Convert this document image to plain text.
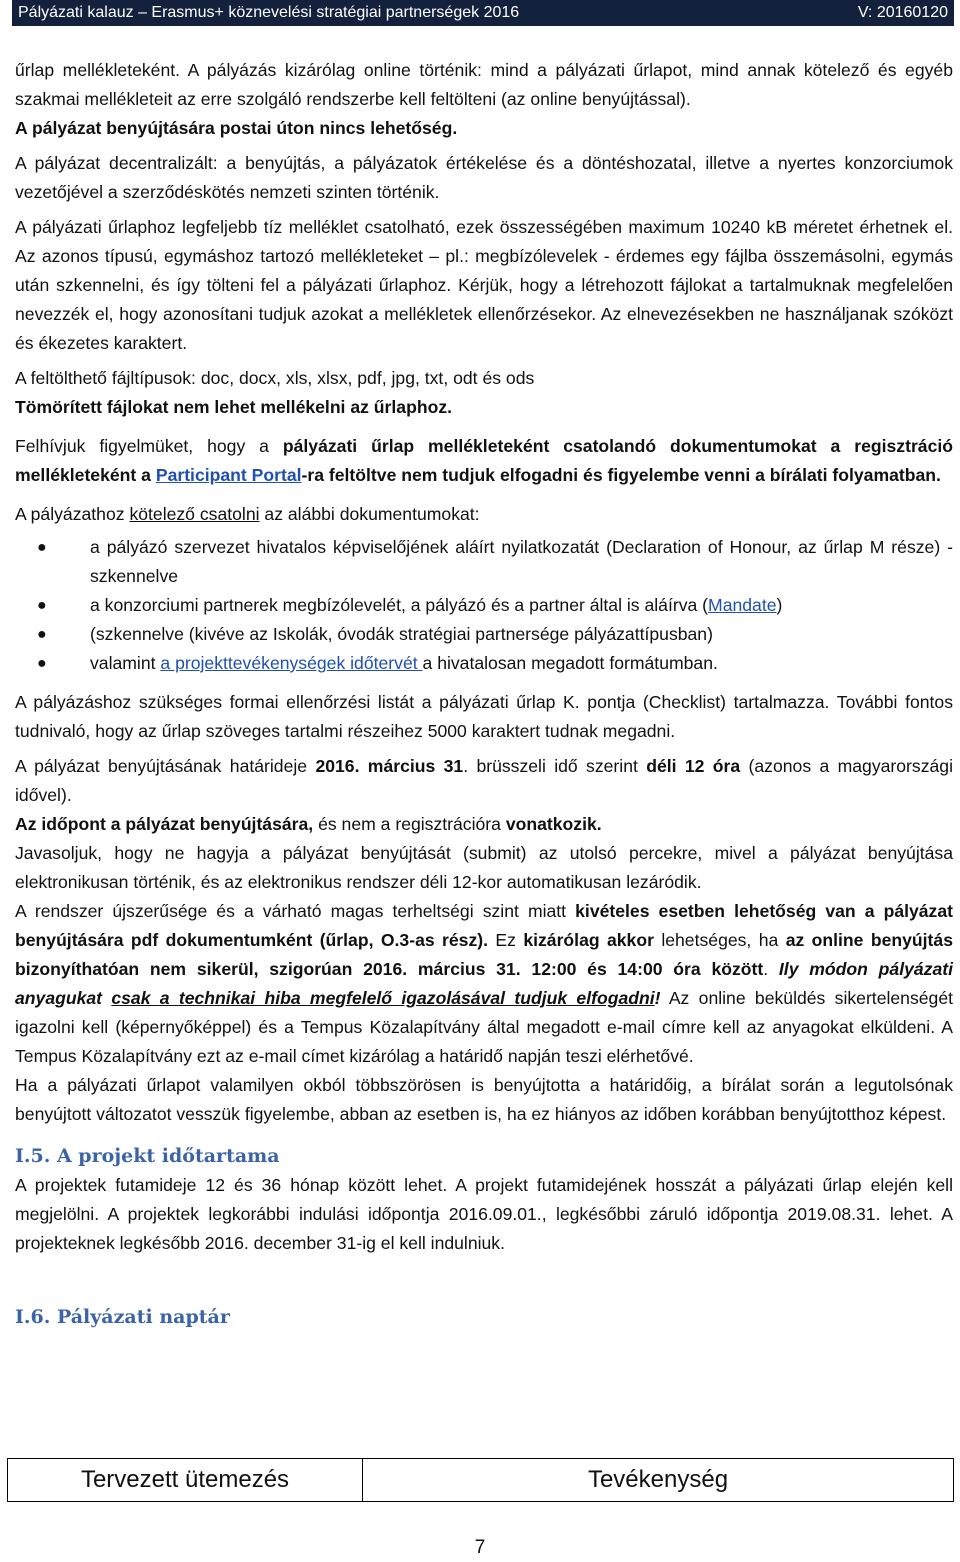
Pályázati kalauz – Erasmus+ köznevelési stratégiai partnerségek 2016	V: 20160120

űrlap mellékleteként. A pályázás kizárólag online történik: mind a pályázati űrlapot, mind annak kötelező és egyéb szakmai mellékleteit az erre szolgáló rendszerbe kell feltölteni (az online benyújtással).

A pályázat benyújtására postai úton nincs lehetőség.

A pályázat decentralizált: a benyújtás, a pályázatok értékelése és a döntéshozatal, illetve a nyertes konzorciumok vezetőjével a szerződéskötés nemzeti szinten történik.

A pályázati űrlaphoz legfeljebb tíz melléklet csatolható, ezek összességében maximum 10240 kB méretet érhetnek el. Az azonos típusú, egymáshoz tartozó mellékleteket – pl.: megbízólevelek - érdemes egy fájlba összemásolni, egymás után szkennelni, és így tölteni fel a pályázati űrlaphoz. Kérjük, hogy a létrehozott fájlokat a tartalmuknak megfelelően nevezzék el, hogy azonosítani tudjuk azokat a mellékletek ellenőrzésekor. Az elnevezésekben ne használjanak szóközt és ékezetes karaktert.

A feltölthető fájltípusok: doc, docx, xls, xlsx, pdf, jpg, txt, odt és ods

Tömörített fájlokat nem lehet mellékelni az űrlaphoz.

Felhívjuk figyelmüket, hogy a pályázati űrlap mellékleteként csatolandó dokumentumokat a regisztráció mellékleteként a Participant Portal-ra feltöltve nem tudjuk elfogadni és figyelembe venni a bírálati folyamatban.

A pályázathoz kötelező csatolni az alábbi dokumentumokat:

● a pályázó szervezet hivatalos képviselőjének aláírt nyilatkozatát (Declaration of Honour, az űrlap M része) - szkennelve
● a konzorciumi partnerek megbízólevelét, a pályázó és a partner által is aláírva (Mandate)
● (szkennelve (kivéve az Iskolák, óvodák stratégiai partnersége pályázattípusban)
● valamint a projekttevékenységek időtervét a hivatalosan megadott formátumban.

A pályázáshoz szükséges formai ellenőrzési listát a pályázati űrlap K. pontja (Checklist) tartalmazza. További fontos tudnivaló, hogy az űrlap szöveges tartalmi részeihez 5000 karaktert tudnak megadni.

A pályázat benyújtásának határideje 2016. március 31. brüsszeli idő szerint déli 12 óra (azonos a magyarországi idővel).

Az időpont a pályázat benyújtására, és nem a regisztrációra vonatkozik.

Javasoljuk, hogy ne hagyja a pályázat benyújtását (submit) az utolsó percekre, mivel a pályázat benyújtása elektronikusan történik, és az elektronikus rendszer déli 12-kor automatikusan lezáródik.

A rendszer újszerűsége és a várható magas terheltségi szint miatt kivételes esetben lehetőség van a pályázat benyújtására pdf dokumentumként (űrlap, O.3-as rész). Ez kizárólag akkor lehetséges, ha az online benyújtás bizonyíthatóan nem sikerül, szigorúan 2016. március 31. 12:00 és 14:00 óra között. Ily módon pályázati anyagukat csak a technikai hiba megfelelő igazolásával tudjuk elfogadni! Az online beküldés sikertelenségét igazolni kell (képernyőképpel) és a Tempus Közalapítvány által megadott e-mail címre kell az anyagokat elküldeni. A Tempus Közalapítvány ezt az e-mail címet kizárólag a határidő napján teszi elérhetővé.

Ha a pályázati űrlapot valamilyen okból többszörösen is benyújtotta a határidőig, a bírálat során a legutolsónak benyújtott változatot vesszük figyelembe, abban az esetben is, ha ez hiányos az időben korábban benyújtotthoz képest.

I.5. A projekt időtartama

A projektek futamideje 12 és 36 hónap között lehet. A projekt futamidejének hosszát a pályázati űrlap elején kell megjelölni. A projektek legkorábbi indulási időpontja 2016.09.01., legkésőbbi záruló időpontja 2019.08.31. lehet. A projekteknek legkésőbb 2016. december 31-ig el kell indulniuk.

I.6. Pályázati naptár
Tervezett ütemezés	Tevékenység
7
